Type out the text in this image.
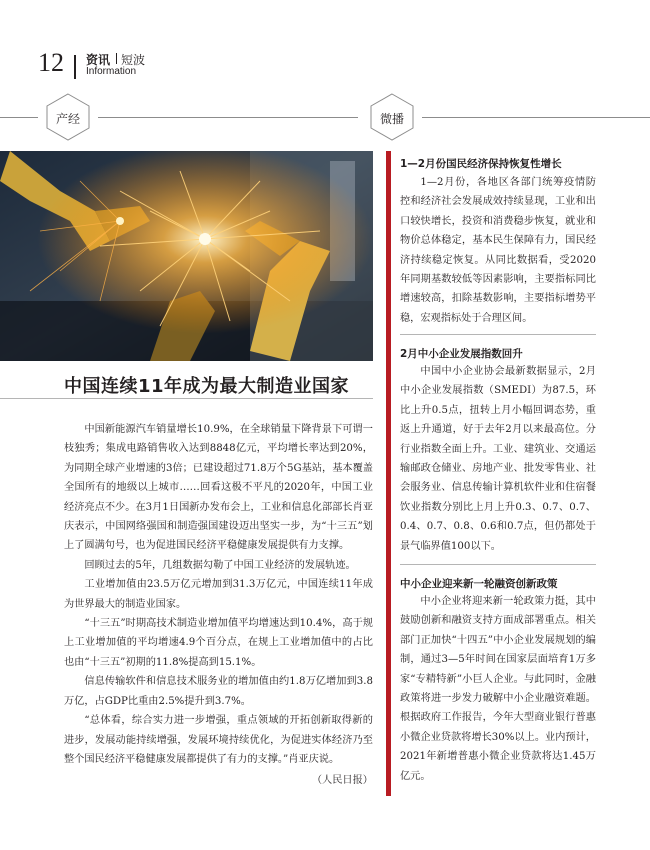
12 资讯 短波
Information
产经	微播
中国连续11年成为最大制造业国家

中国新能源汽车销量增长10.9%，在全球销量下降背景下可谓一枝独秀；集成电路销售收入达到8848亿元，平均增长率达到20%，为同期全球产业增速的3倍；已建设超过71.8万个5G基站，基本覆盖全国所有的地级以上城市……回看这极不平凡的2020年，中国工业经济亮点不少。在3月1日国新办发布会上，工业和信息化部部长肖亚庆表示，中国网络强国和制造强国建设迈出坚实一步，为“十三五”划上了圆满句号，也为促进国民经济平稳健康发展提供有力支撑。

回顾过去的5年，几组数据勾勒了中国工业经济的发展轨迹。

工业增加值由23.5万亿元增加到31.3万亿元，中国连续11年成为世界最大的制造业国家。

“十三五”时期高技术制造业增加值平均增速达到10.4%，高于规上工业增加值的平均增速4.9个百分点，在规上工业增加值中的占比也由“十三五”初期的11.8%提高到15.1%。

信息传输软件和信息技术服务业的增加值由约1.8万亿增加到3.8万亿，占GDP比重由2.5%提升到3.7%。

“总体看，综合实力进一步增强，重点领域的开拓创新取得新的进步，发展动能持续增强，发展环境持续优化，为促进实体经济乃至整个国民经济平稳健康发展都提供了有力的支撑。”肖亚庆说。

（人民日报）

1—2月份国民经济保持恢复性增长

1—2月份，各地区各部门统筹疫情防控和经济社会发展成效持续显现，工业和出口较快增长，投资和消费稳步恢复，就业和物价总体稳定，基本民生保障有力，国民经济持续稳定恢复。从同比数据看，受2020年同期基数较低等因素影响，主要指标同比增速较高，扣除基数影响，主要指标增势平稳，宏观指标处于合理区间。

2月中小企业发展指数回升

中国中小企业协会最新数据显示，2月中小企业发展指数（SMEDI）为87.5，环比上升0.5点，扭转上月小幅回调态势，重返上升通道，好于去年2月以来最高位。分行业指数全面上升。工业、建筑业、交通运输邮政仓储业、房地产业、批发零售业、社会服务业、信息传输计算机软件业和住宿餐饮业指数分别比上月上升0.3、0.7、0.7、0.4、0.7、0.8、0.6和0.7点，但仍都处于景气临界值100以下。

中小企业迎来新一轮融资创新政策

中小企业将迎来新一轮政策力挺，其中鼓励创新和融资支持方面成部署重点。相关部门正加快“十四五”中小企业发展规划的编制，通过3—5年时间在国家层面培育1万多家“专精特新”小巨人企业。与此同时，金融政策将进一步发力破解中小企业融资难题。根据政府工作报告，今年大型商业银行普惠小微企业贷款将增长30%以上。业内预计，2021年新增普惠小微企业贷款将达1.45万亿元。
